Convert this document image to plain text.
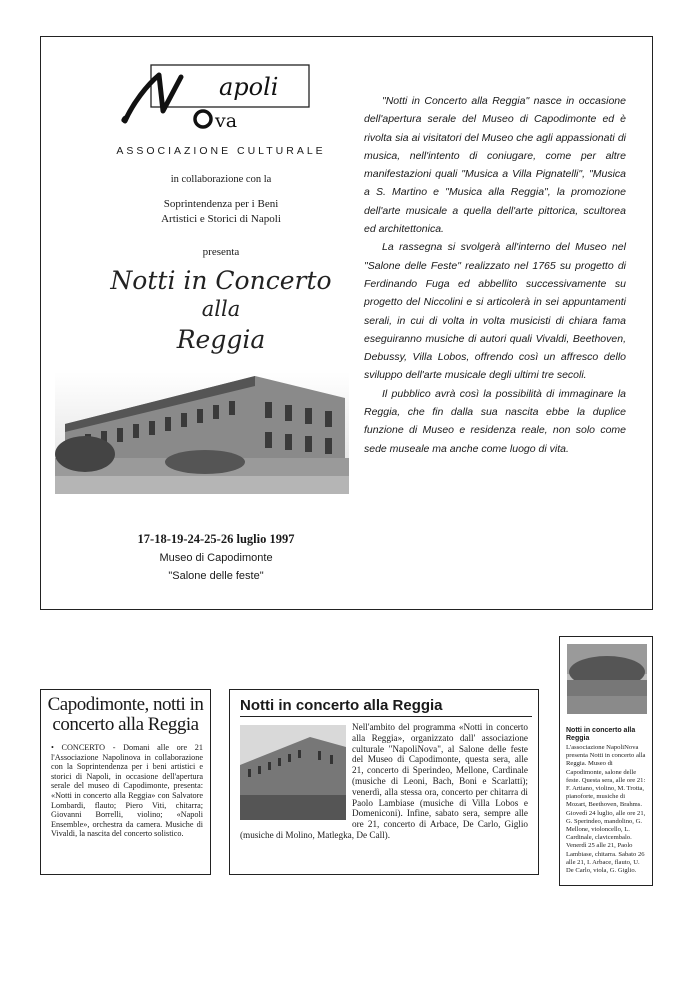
apoli
va
ASSOCIAZIONE CULTURALE
in collaborazione con la
Soprintendenza per i Beni
Artistici e Storici di Napoli
presenta
Notti in Concerto
alla
Reggia
17-18-19-24-25-26 luglio 1997
Museo di Capodimonte
"Salone delle feste"

"Notti in Concerto alla Reggia" nasce in occasione dell'apertura serale del Museo di Capodimonte ed è rivolta sia ai visitatori del Museo che agli appassionati di musica, nell'intento di coniugare, come per altre manifestazioni quali "Musica a Villa Pignatelli", "Musica a S. Martino e "Musica alla Reggia", la promozione dell'arte musicale a quella dell'arte pittorica, scultorea ed architettonica.

La rassegna si svolgerà all'interno del Museo nel "Salone delle Feste" realizzato nel 1765 su progetto di Ferdinando Fuga ed abbellito successivamente su progetto del Niccolini e si articolerà in sei appuntamenti serali, in cui di volta in volta musicisti di chiara fama eseguiranno musiche di autori quali Vivaldi, Beethoven, Debussy, Villa Lobos, offrendo così un affresco dello sviluppo dell'arte musicale degli ultimi tre secoli.

Il pubblico avrà così la possibilità di immaginare la Reggia, che fin dalla sua nascita ebbe la duplice funzione di Museo e residenza reale, non solo come sede museale ma anche come luogo di vita.

Capodimonte, notti in concerto alla Reggia
• CONCERTO - Domani alle ore 21 l'Associazione Napolinova in collaborazione con la Soprintendenza per i beni artistici e storici di Napoli, in occasione dell'apertura serale del museo di Capodimonte, presenta: «Notti in concerto alla Reggia» con Salvatore Lombardi, flauto; Piero Viti, chitarra; Giovanni Borrelli, violino; «Napoli Ensemble», orchestra da camera. Musiche di Vivaldi, la nascita del concerto solistico.
Notti in concerto alla Reggia
Nell'ambito del programma «Notti in concerto alla Reggia», organizzato dall' associazione culturale "NapoliNova", al Salone delle feste del Museo di Capodimonte, questa sera, alle 21, concerto di Sperindeo, Mellone, Cardinale (musiche di Leoni, Bach, Boni e Scarlatti); venerdì, alla stessa ora, concerto per chitarra di Paolo Lambiase (musiche di Villa Lobos e Domeniconi). Infine, sabato sera, sempre alle ore 21, concerto di Arbace, De Carlo, Giglio (musiche di Molino, Matlegka, De Call).
Notti in concerto alla Reggia
L'associazione NapoliNova presenta Notti in concerto alla Reggia. Museo di Capodimonte, salone delle feste. Questa sera, alle ore 21: F. Artiano, violino, M. Trotta, pianoforte, musiche di Mozart, Beethoven, Brahms. Giovedì 24 luglio, alle ore 21, G. Sperindeo, mandolino, G. Mellone, violoncello, L. Cardinale, clavicembalo. Venerdì 25 alle 21, Paolo Lambiase, chitarra. Sabato 26 alle 21, I. Arbace, flauto, U. De Carlo, viola, G. Giglio.
